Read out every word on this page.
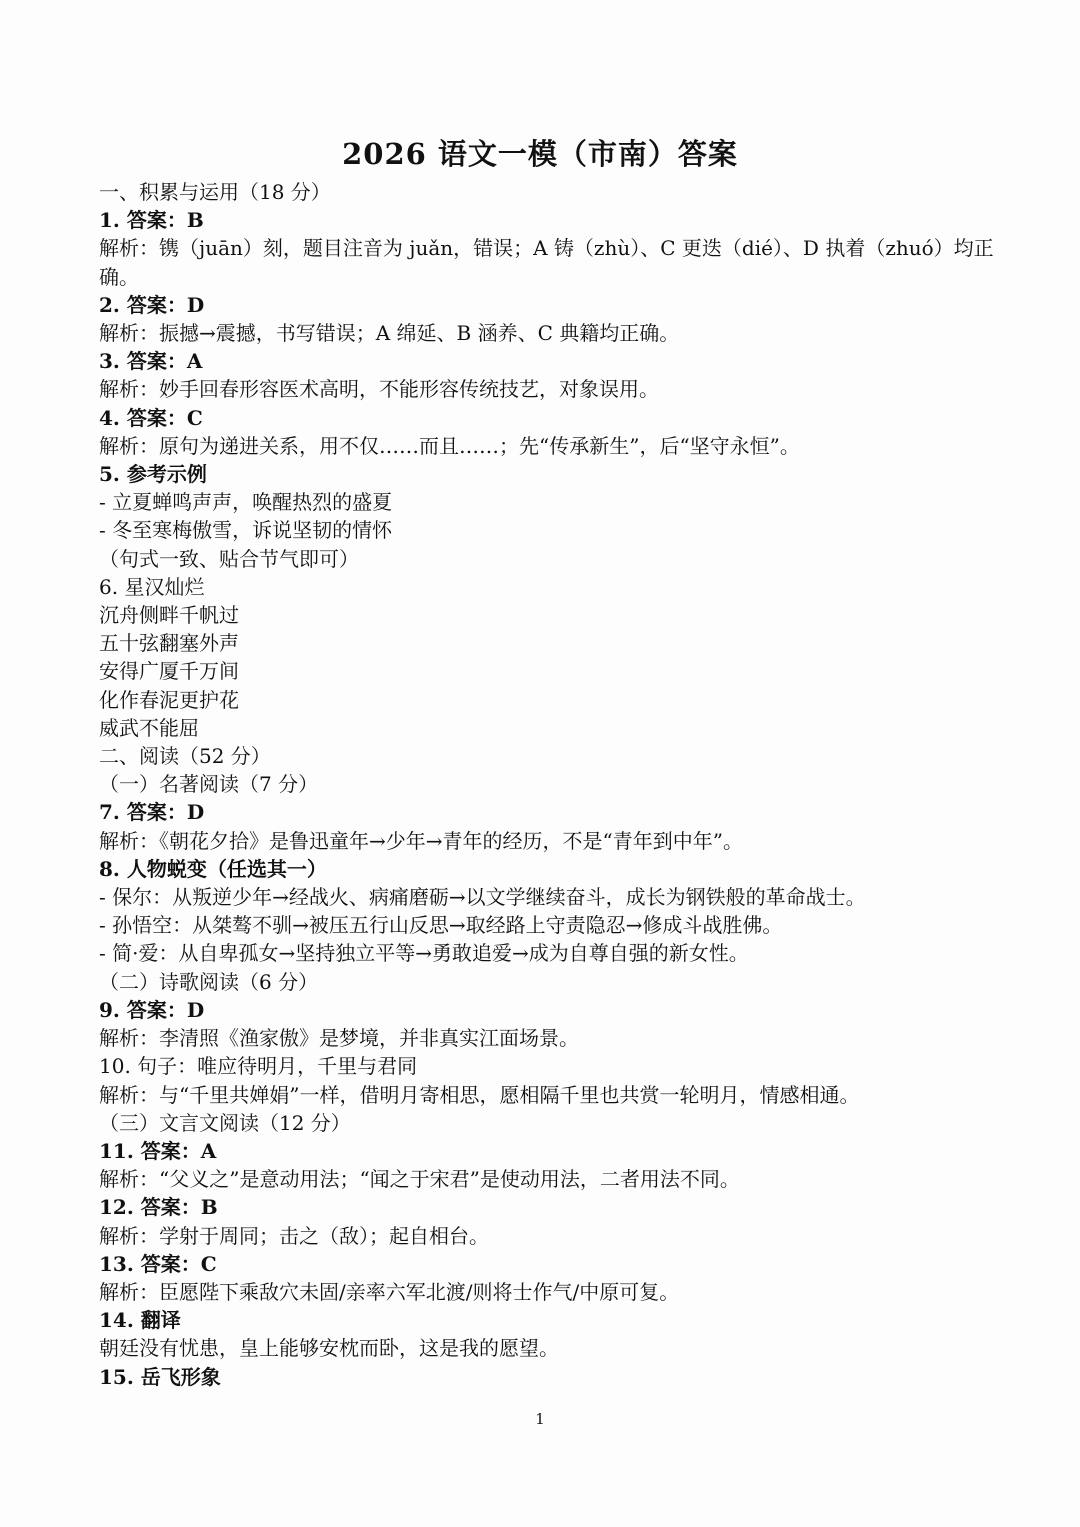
2026 语文一模（市南）答案
一、积累与运用（18 分）
1. 答案：B
解析：镌（juān）刻，题目注音为 juǎn，错误；A 铸（zhù）、C 更迭（dié）、D 执着（zhuó）均正确。
2. 答案：D
解析：振撼→震撼，书写错误；A 绵延、B 涵养、C 典籍均正确。
3. 答案：A
解析：妙手回春形容医术高明，不能形容传统技艺，对象误用。
4. 答案：C
解析：原句为递进关系，用不仅……而且……；先“传承新生”，后“坚守永恒”。
5. 参考示例
- 立夏蝉鸣声声，唤醒热烈的盛夏
- 冬至寒梅傲雪，诉说坚韧的情怀
（句式一致、贴合节气即可）
6. 星汉灿烂
沉舟侧畔千帆过
五十弦翻塞外声
安得广厦千万间
化作春泥更护花
威武不能屈
二、阅读（52 分）
（一）名著阅读（7 分）
7. 答案：D
解析：《朝花夕拾》是鲁迅童年→少年→青年的经历，不是“青年到中年”。
8. 人物蜕变（任选其一）
- 保尔：从叛逆少年→经战火、病痛磨砺→以文学继续奋斗，成长为钢铁般的革命战士。
- 孙悟空：从桀骜不驯→被压五行山反思→取经路上守责隐忍→修成斗战胜佛。
- 简·爱：从自卑孤女→坚持独立平等→勇敢追爱→成为自尊自强的新女性。
（二）诗歌阅读（6 分）
9. 答案：D
解析：李清照《渔家傲》是梦境，并非真实江面场景。
10. 句子：唯应待明月，千里与君同
解析：与“千里共婵娟”一样，借明月寄相思，愿相隔千里也共赏一轮明月，情感相通。
（三）文言文阅读（12 分）
11. 答案：A
解析：“父义之”是意动用法；“闻之于宋君”是使动用法，二者用法不同。
12. 答案：B
解析：学射于周同；击之（敌）；起自相台。
13. 答案：C
解析：臣愿陛下乘敌穴未固/亲率六军北渡/则将士作气/中原可复。
14. 翻译
朝廷没有忧患，皇上能够安枕而卧，这是我的愿望。
15. 岳飞形象
1
